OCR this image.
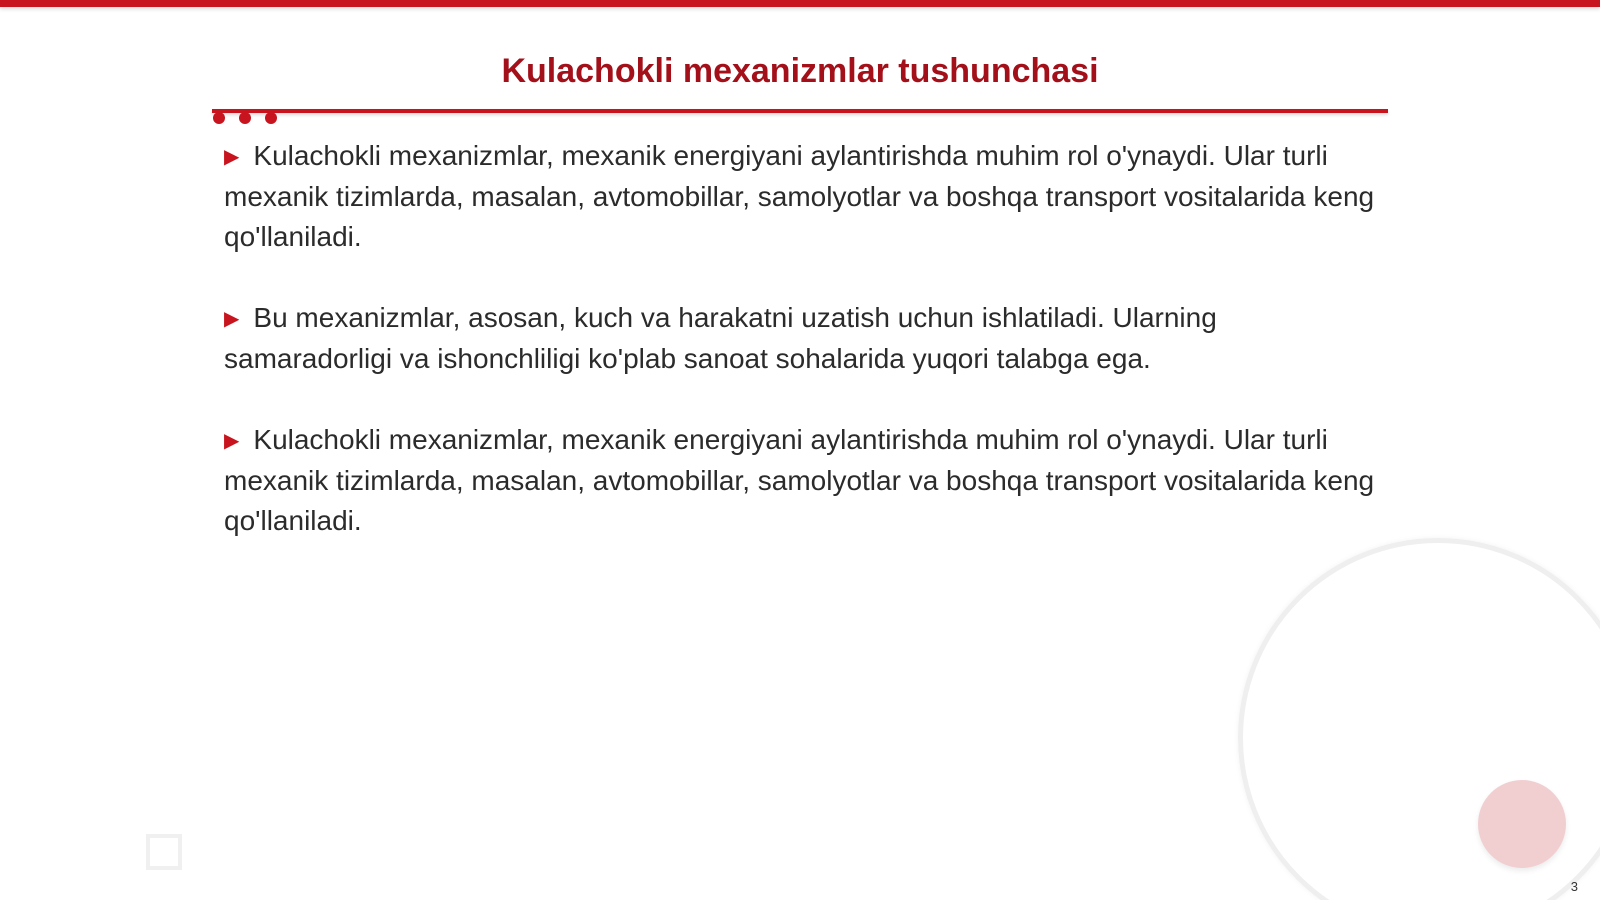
Kulachokli mexanizmlar tushunchasi

▶ Kulachokli mexanizmlar, mexanik energiyani aylantirishda muhim rol o'ynaydi. Ular turli mexanik tizimlarda, masalan, avtomobillar, samolyotlar va boshqa transport vositalarida keng qo'llaniladi.

▶ Bu mexanizmlar, asosan, kuch va harakatni uzatish uchun ishlatiladi. Ularning samaradorligi va ishonchliligi ko'plab sanoat sohalarida yuqori talabga ega.

▶ Kulachokli mexanizmlar, mexanik energiyani aylantirishda muhim rol o'ynaydi. Ular turli mexanik tizimlarda, masalan, avtomobillar, samolyotlar va boshqa transport vositalarida keng qo'llaniladi.

3
